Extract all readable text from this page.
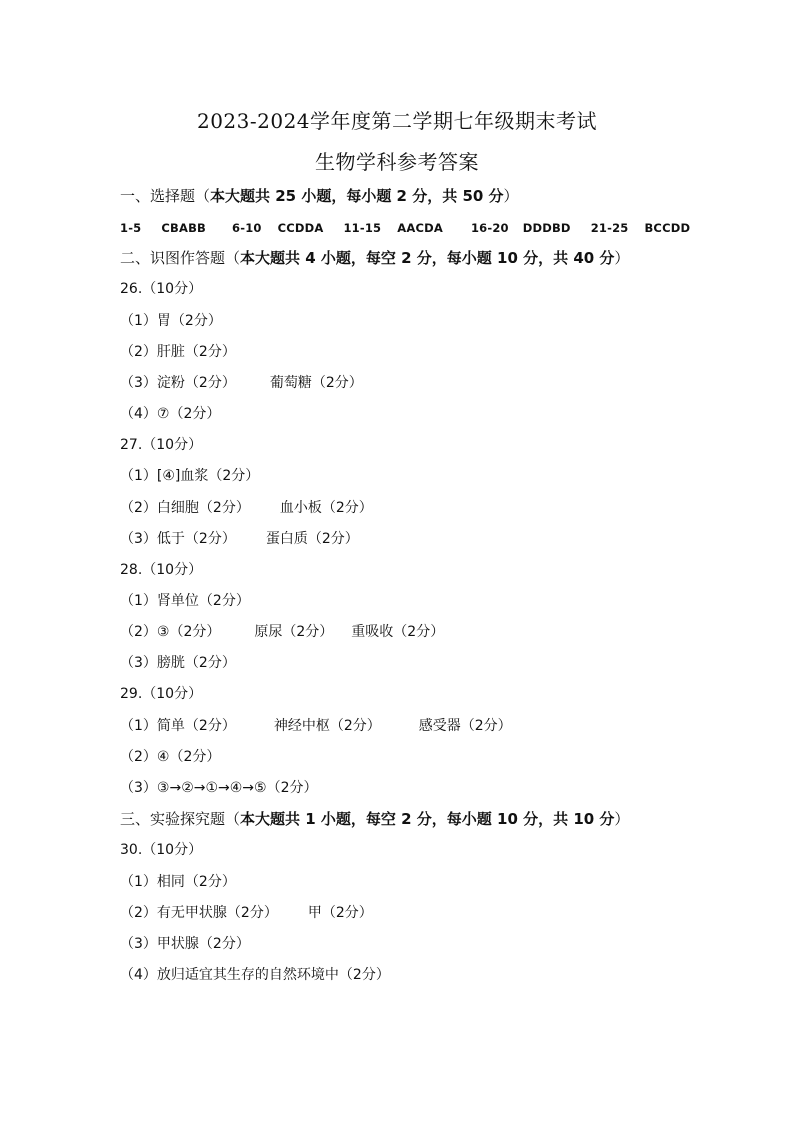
2023-2024学年度第二学期七年级期末考试
生物学科参考答案
一、选择题（本大题共 25 小题，每小题 2 分，共 50 分）
1-5 CBABB 6-10 CCDDA 11-15 AACDA 16-20 DDDBD 21-25 BCCDD
二、识图作答题（本大题共 4 小题，每空 2 分，每小题 10 分，共 40 分）
26.（10分）
（1）胃（2分）
（2）肝脏（2分）
（3）淀粉（2分） 葡萄糖（2分）
（4）⑦（2分）
27.（10分）
（1）[④]血浆（2分）
（2）白细胞（2分） 血小板（2分）
（3）低于（2分） 蛋白质（2分）
28.（10分）
（1）肾单位（2分）
（2）③（2分） 原尿（2分） 重吸收（2分）
（3）膀胱（2分）
29.（10分）
（1）简单（2分）	神经中枢（2分）	感受器（2分）
（2）④（2分）
（3）③→②→①→④→⑤（2分）
三、实验探究题（本大题共 1 小题，每空 2 分，每小题 10 分，共 10 分）
30.（10分）
（1）相同（2分）
（2）有无甲状腺（2分） 甲（2分）
（3）甲状腺（2分）
（4）放归适宜其生存的自然环境中（2分）
